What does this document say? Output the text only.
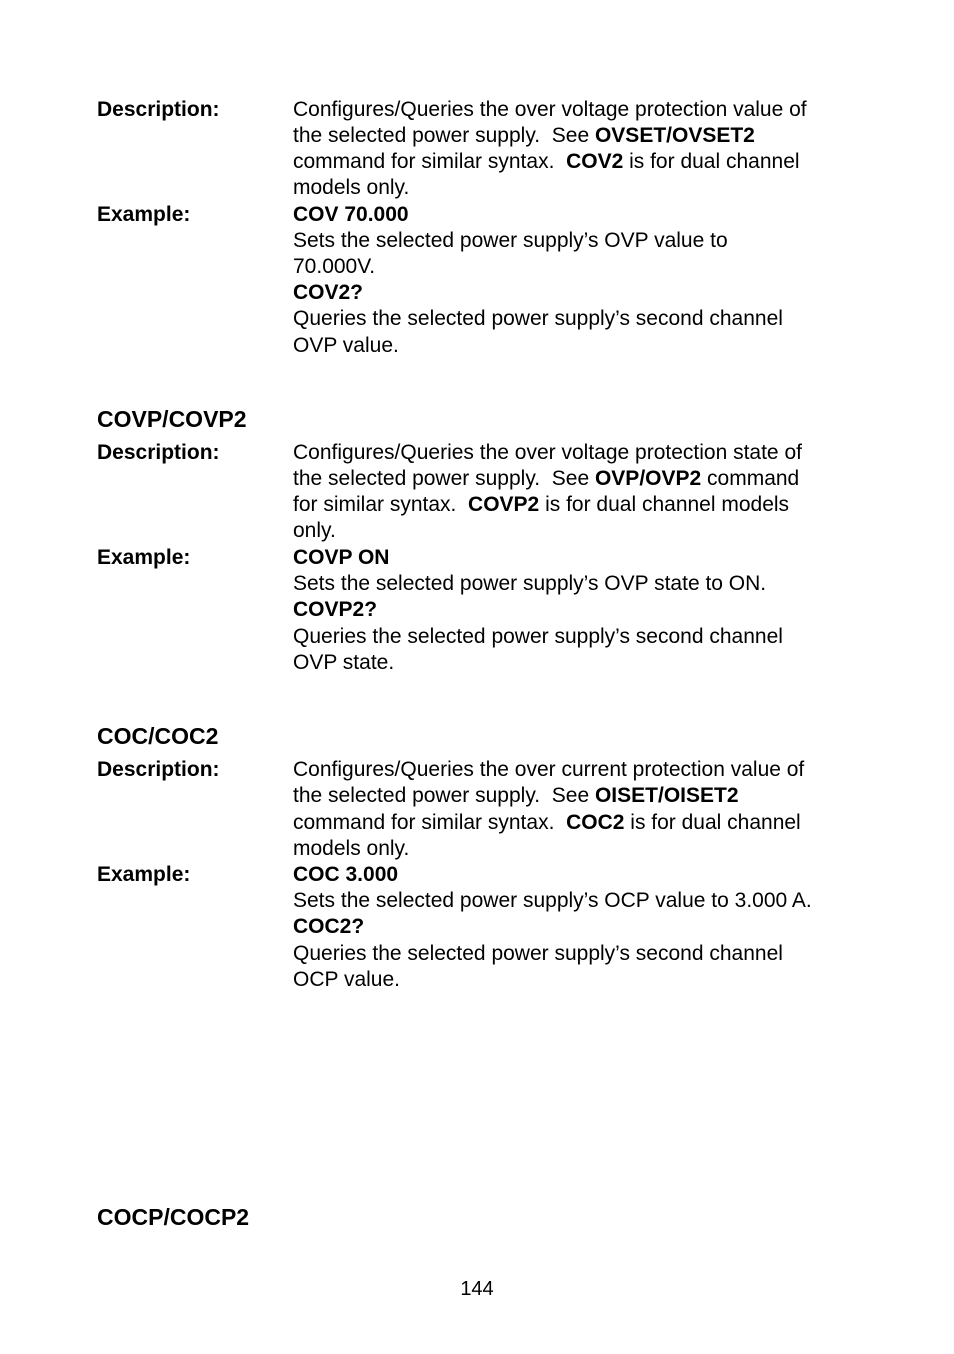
Description:	Configures/Queries the over voltage protection value of
the selected power supply.  See OVSET/OVSET2
command for similar syntax.  COV2 is for dual channel
models only.
Example:	COV 70.000
Sets the selected power supply’s OVP value to
70.000V.
COV2?
Queries the selected power supply’s second channel
OVP value.
COVP/COVP2
Description:	Configures/Queries the over voltage protection state of
the selected power supply.  See OVP/OVP2 command
for similar syntax.  COVP2 is for dual channel models
only.
Example:	COVP ON
Sets the selected power supply’s OVP state to ON.
COVP2?
Queries the selected power supply’s second channel
OVP state.
COC/COC2
Description:	Configures/Queries the over current protection value of
the selected power supply.  See OISET/OISET2
command for similar syntax.  COC2 is for dual channel
models only.
Example:	COC 3.000
Sets the selected power supply’s OCP value to 3.000 A.
COC2?
Queries the selected power supply’s second channel
OCP value.
COCP/COCP2
144
